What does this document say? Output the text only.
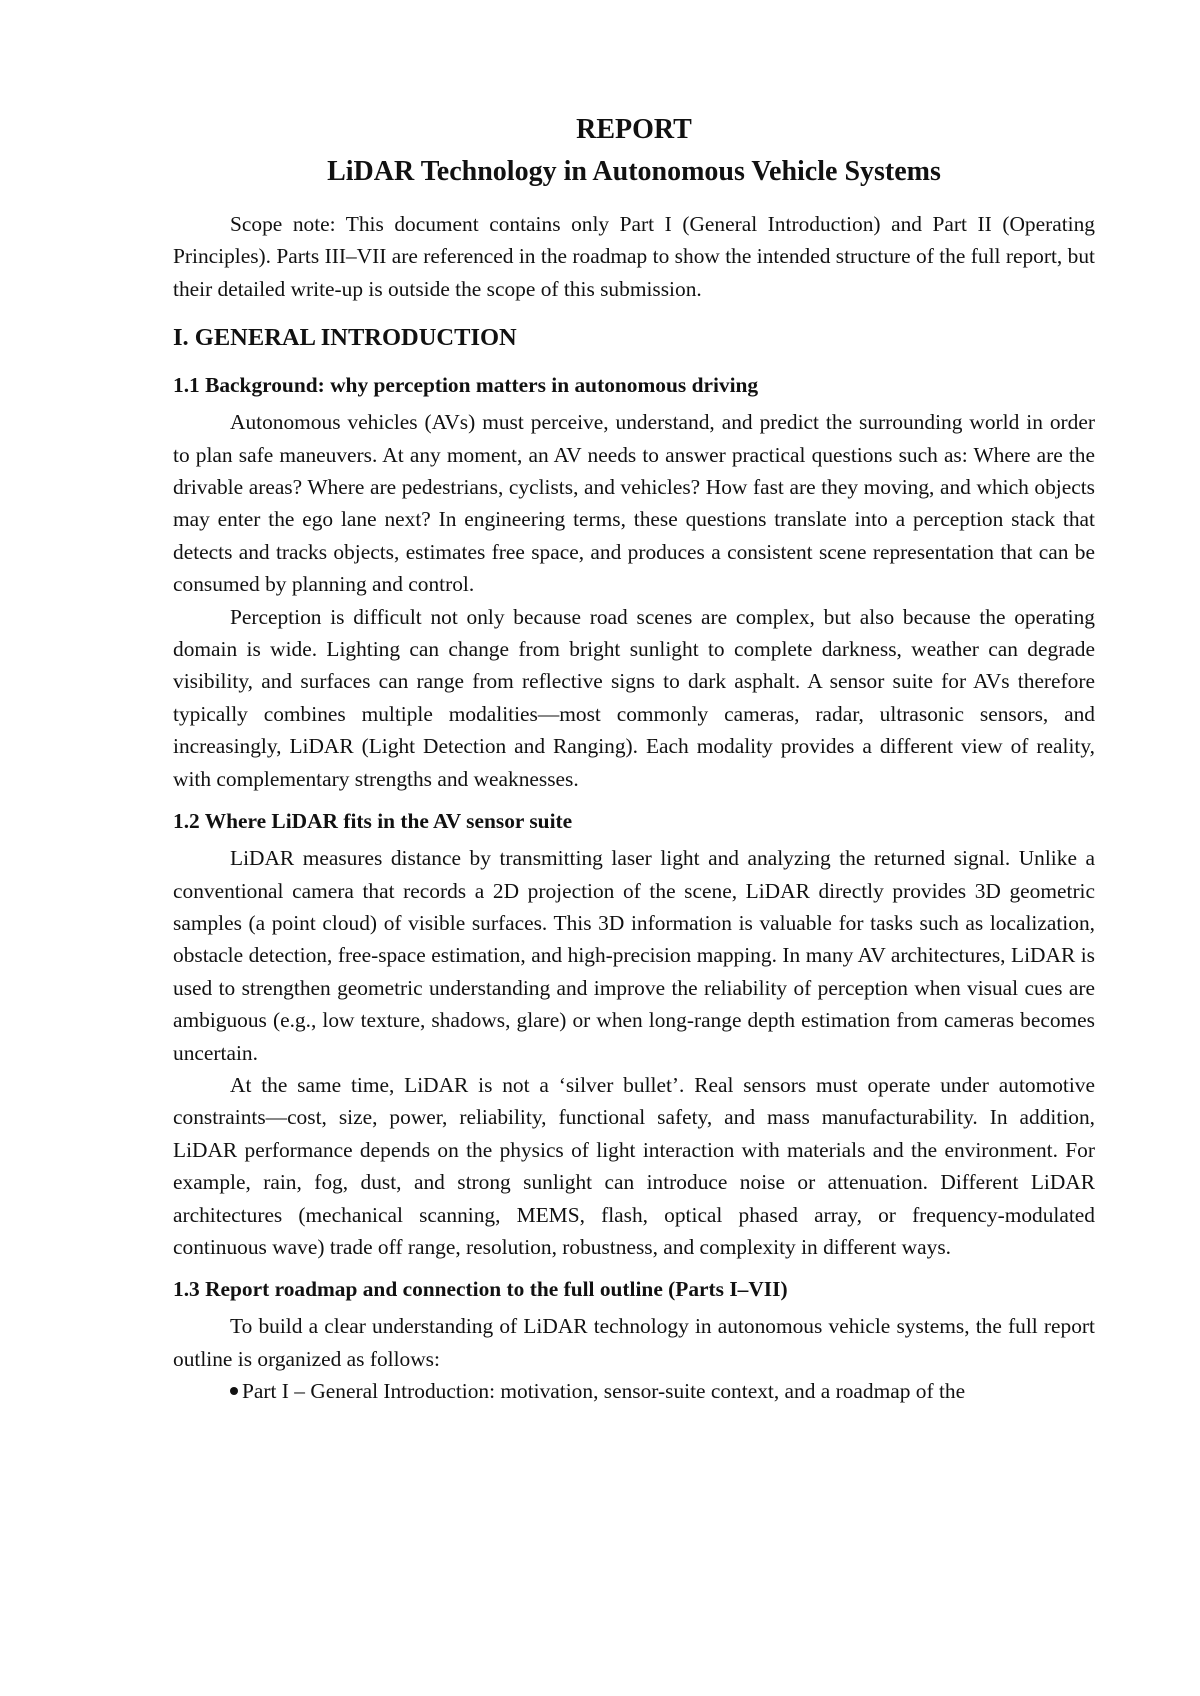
REPORT
LiDAR Technology in Autonomous Vehicle Systems

Scope note: This document contains only Part I (General Introduction) and Part II (Operating Principles). Parts III–VII are referenced in the roadmap to show the intended structure of the full report, but their detailed write-up is outside the scope of this submission.

I. GENERAL INTRODUCTION
1.1 Background: why perception matters in autonomous driving

Autonomous vehicles (AVs) must perceive, understand, and predict the surrounding world in order to plan safe maneuvers. At any moment, an AV needs to answer practical questions such as: Where are the drivable areas? Where are pedestrians, cyclists, and vehicles? How fast are they moving, and which objects may enter the ego lane next? In engineering terms, these questions translate into a perception stack that detects and tracks objects, estimates free space, and produces a consistent scene representation that can be consumed by planning and control.

Perception is difficult not only because road scenes are complex, but also because the operating domain is wide. Lighting can change from bright sunlight to complete darkness, weather can degrade visibility, and surfaces can range from reflective signs to dark asphalt. A sensor suite for AVs therefore typically combines multiple modalities—most commonly cameras, radar, ultrasonic sensors, and increasingly, LiDAR (Light Detection and Ranging). Each modality provides a different view of reality, with complementary strengths and weaknesses.

1.2 Where LiDAR fits in the AV sensor suite

LiDAR measures distance by transmitting laser light and analyzing the returned signal. Unlike a conventional camera that records a 2D projection of the scene, LiDAR directly provides 3D geometric samples (a point cloud) of visible surfaces. This 3D information is valuable for tasks such as localization, obstacle detection, free-space estimation, and high-precision mapping. In many AV architectures, LiDAR is used to strengthen geometric understanding and improve the reliability of perception when visual cues are ambiguous (e.g., low texture, shadows, glare) or when long-range depth estimation from cameras becomes uncertain.

At the same time, LiDAR is not a ‘silver bullet’. Real sensors must operate under automotive constraints—cost, size, power, reliability, functional safety, and mass manufacturability. In addition, LiDAR performance depends on the physics of light interaction with materials and the environment. For example, rain, fog, dust, and strong sunlight can introduce noise or attenuation. Different LiDAR architectures (mechanical scanning, MEMS, flash, optical phased array, or frequency-modulated continuous wave) trade off range, resolution, robustness, and complexity in different ways.

1.3 Report roadmap and connection to the full outline (Parts I–VII)

To build a clear understanding of LiDAR technology in autonomous vehicle systems, the full report outline is organized as follows:

Part I – General Introduction: motivation, sensor-suite context, and a roadmap of the
